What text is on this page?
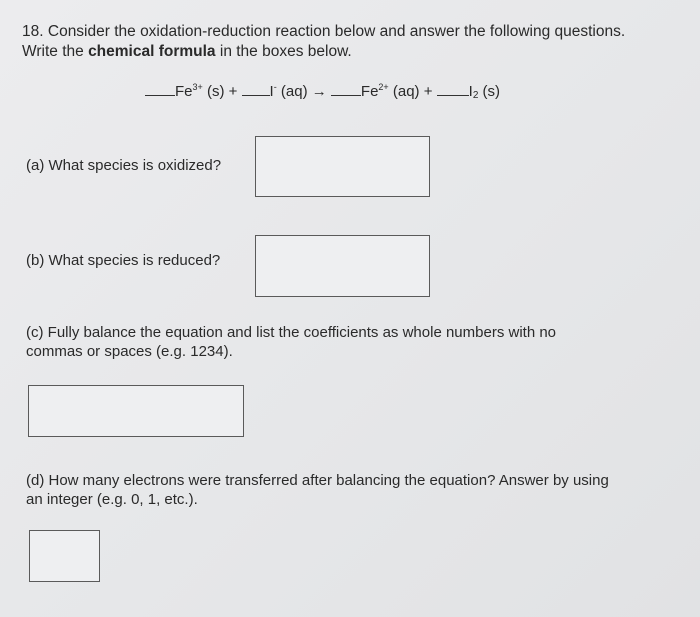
18. Consider the oxidation-reduction reaction below and answer the following questions.
Write the chemical formula in the boxes below.
$Fe^{3+}$ (s) + I- $(aq) \to Fe^{2+}$ $(aq) + I_2$ (s)
(a) What species is oxidized?
(b) What species is reduced?
(c) Fully balance the equation and list the coefficients as whole numbers with no
commas or spaces (e.g. 1234).
(d) How many electrons were transferred after balancing the equation? Answer by using
an integer (e.g. 0, 1, etc.).
